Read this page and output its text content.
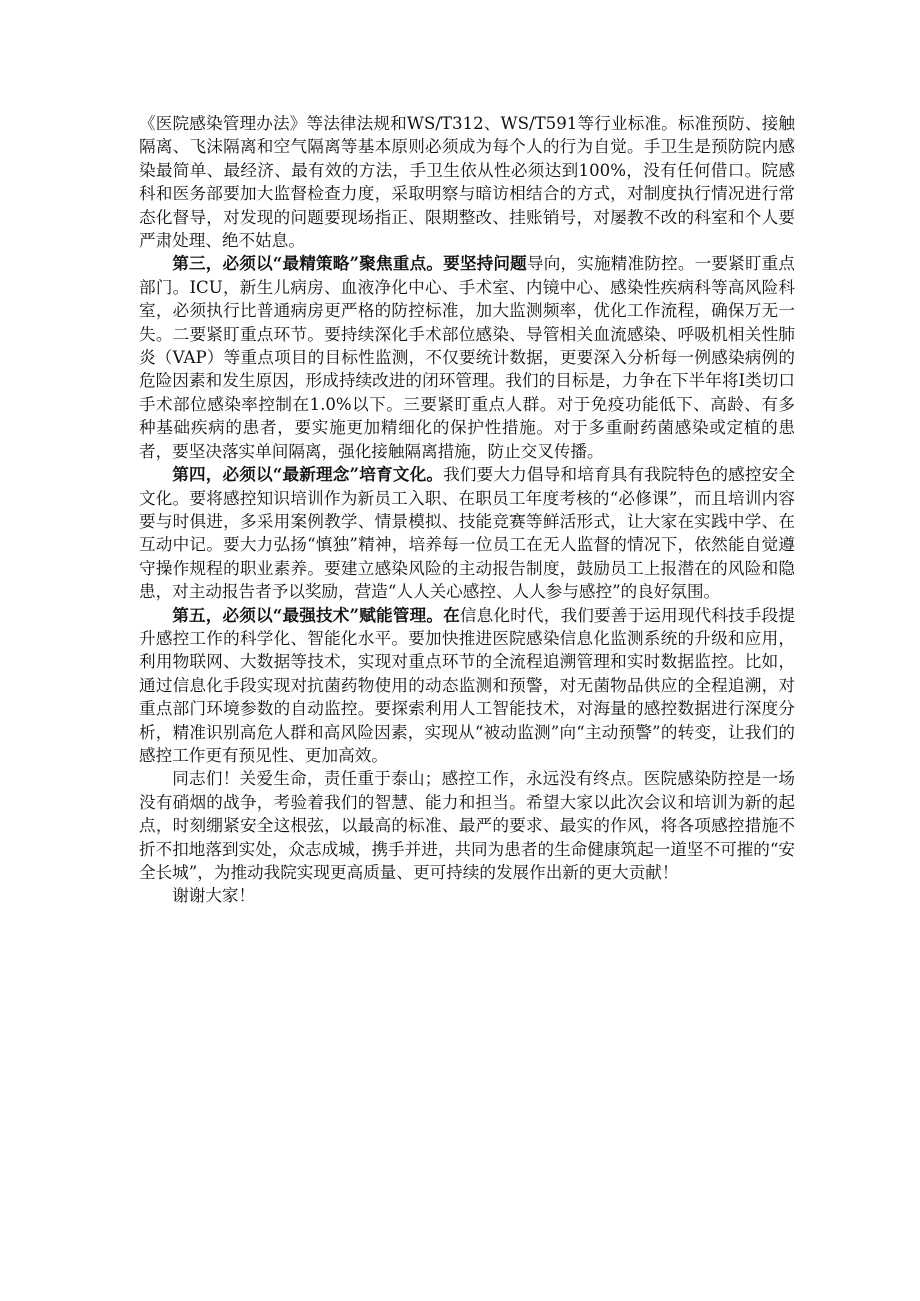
《医院感染管理办法》等法律法规和WS/T312、WS/T591等行业标准。标准预防、接触隔离、飞沫隔离和空气隔离等基本原则必须成为每个人的行为自觉。手卫生是预防院内感染最简单、最经济、最有效的方法，手卫生依从性必须达到100%，没有任何借口。院感科和医务部要加大监督检查力度，采取明察与暗访相结合的方式，对制度执行情况进行常态化督导，对发现的问题要现场指正、限期整改、挂账销号，对屡教不改的科室和个人要严肃处理、绝不姑息。

第三，必须以“最精策略”聚焦重点。要坚持问题导向，实施精准防控。一要紧盯重点部门。ICU，新生儿病房、血液净化中心、手术室、内镜中心、感染性疾病科等高风险科室，必须执行比普通病房更严格的防控标准，加大监测频率，优化工作流程，确保万无一失。二要紧盯重点环节。要持续深化手术部位感染、导管相关血流感染、呼吸机相关性肺炎（VAP）等重点项目的目标性监测，不仅要统计数据，更要深入分析每一例感染病例的危险因素和发生原因，形成持续改进的闭环管理。我们的目标是，力争在下半年将I类切口手术部位感染率控制在1.0%以下。三要紧盯重点人群。对于免疫功能低下、高龄、有多种基础疾病的患者，要实施更加精细化的保护性措施。对于多重耐药菌感染或定植的患者，要坚决落实单间隔离，强化接触隔离措施，防止交叉传播。

第四，必须以“最新理念”培育文化。我们要大力倡导和培育具有我院特色的感控安全文化。要将感控知识培训作为新员工入职、在职员工年度考核的“必修课”，而且培训内容要与时俱进，多采用案例教学、情景模拟、技能竞赛等鲜活形式，让大家在实践中学、在互动中记。要大力弘扬“慎独”精神，培养每一位员工在无人监督的情况下，依然能自觉遵守操作规程的职业素养。要建立感染风险的主动报告制度，鼓励员工上报潜在的风险和隐患，对主动报告者予以奖励，营造“人人关心感控、人人参与感控”的良好氛围。

第五，必须以“最强技术”赋能管理。在信息化时代，我们要善于运用现代科技手段提升感控工作的科学化、智能化水平。要加快推进医院感染信息化监测系统的升级和应用，利用物联网、大数据等技术，实现对重点环节的全流程追溯管理和实时数据监控。比如，通过信息化手段实现对抗菌药物使用的动态监测和预警，对无菌物品供应的全程追溯，对重点部门环境参数的自动监控。要探索利用人工智能技术，对海量的感控数据进行深度分析，精准识别高危人群和高风险因素，实现从“被动监测”向“主动预警”的转变，让我们的感控工作更有预见性、更加高效。

同志们！关爱生命，责任重于泰山；感控工作，永远没有终点。医院感染防控是一场没有硝烟的战争，考验着我们的智慧、能力和担当。希望大家以此次会议和培训为新的起点，时刻绷紧安全这根弦，以最高的标准、最严的要求、最实的作风，将各项感控措施不折不扣地落到实处，众志成城，携手并进，共同为患者的生命健康筑起一道坚不可摧的“安全长城”，为推动我院实现更高质量、更可持续的发展作出新的更大贡献！

谢谢大家！
